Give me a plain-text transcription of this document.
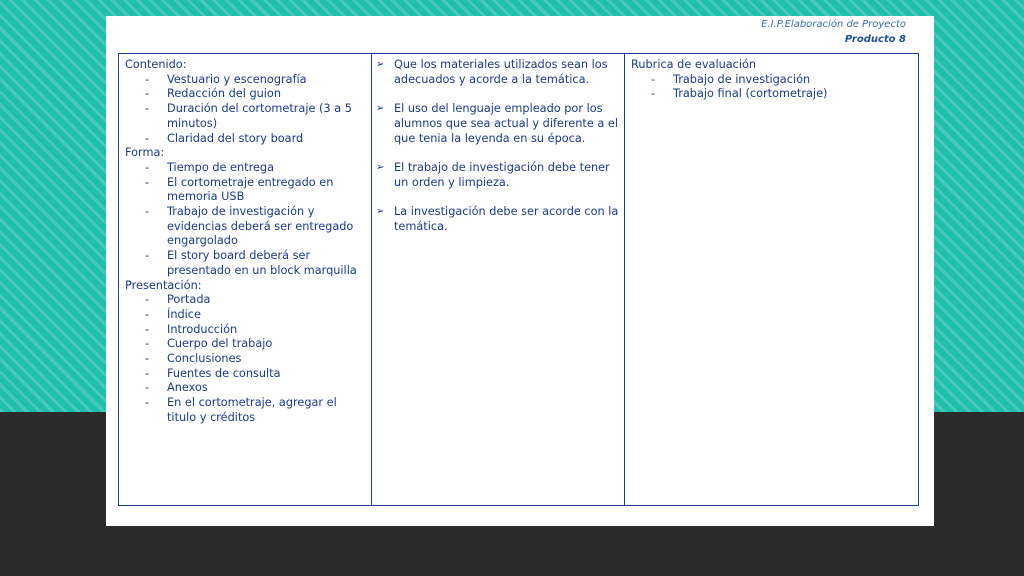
E.I.P.Elaboración de Proyecto
Producto 8
Contenido:
- Vestuario y escenografía
- Redacción del guion
- Duración del cortometraje (3 a 5 minutos)
- Claridad del story board
Forma:
- Tiempo de entrega
- El cortometraje entregado en memoria USB
- Trabajo de investigación y evidencias deberá ser entregado engargolado
- El story board deberá ser presentado en un block marquilla
Presentación:
- Portada
- Índice
- Introducción
- Cuerpo del trabajo
- Conclusiones
- Fuentes de consulta
- Anexos
- En el cortometraje, agregar el titulo y créditos
➢ Que los materiales utilizados sean los adecuados y acorde a la temática.
➢ El uso del lenguaje empleado por los alumnos que sea actual y diferente a el que tenia la leyenda en su época.
➢ El trabajo de investigación debe tener un orden y limpieza.
➢ La investigación debe ser acorde con la temática.
Rubrica de evaluación
- Trabajo de investigación
- Trabajo final (cortometraje)
